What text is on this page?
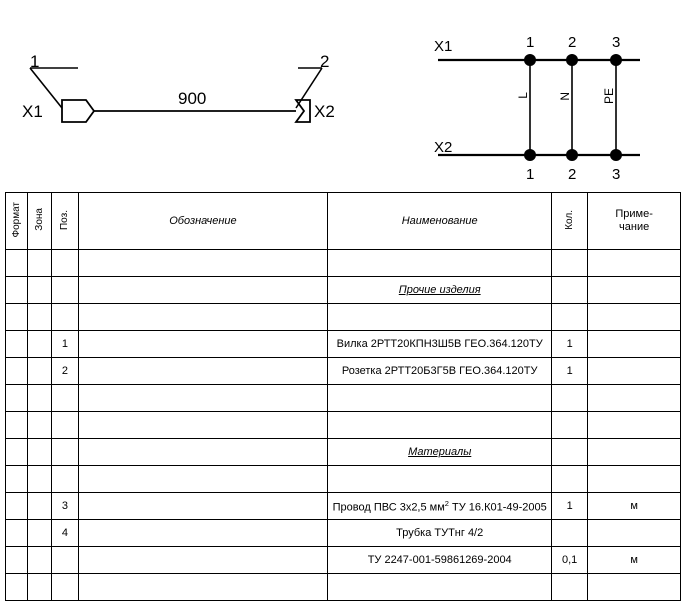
1	2
X1	X2
900
X1
X2
1 2 3
1 2 3
L N	PE
Формат	Зона	Поз.	Обозначение	Наименование	Кол.	Приме-
чание

				Прочие изделия		

		1		Вилка 2РТТ20КПН3Ш5В ГЕО.364.120ТУ	1	
		2		Розетка 2РТТ20Б3Г5В ГЕО.364.120ТУ	1	

				Материалы		

		3		Провод ПВС 3х2,5 $мм^2$ ТУ 16.К01-49-2005	1	м
		4		Трубка ТУТнг 4/2		
				ТУ 2247-001-59861269-2004	0,1	м
